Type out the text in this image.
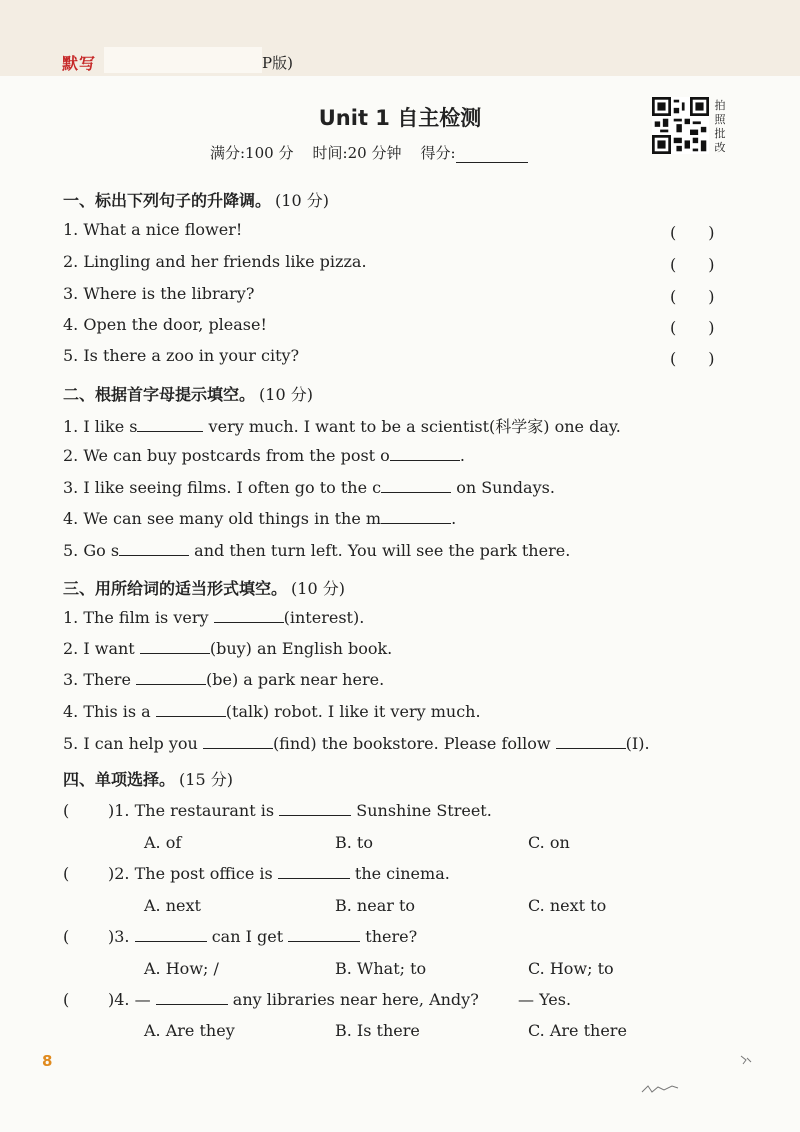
默写	P版)
Unit 1 自主检测
满分:100 分 时间:20 分钟 得分:
拍
照
批
改
一、标出下列句子的升降调。 (10 分)
1. What a nice flower!	(　　)
2. Lingling and her friends like pizza.	(　　)
3. Where is the library?	(　　)
4. Open the door, please!	(　　)
5. Is there a zoo in your city?	(　　)
二、根据首字母提示填空。 (10 分)
1. I like s	very much. I want to be a scientist(科学家) one day.
2. We can buy postcards from the post o	.
3. I like seeing films. I often go to the c	on Sundays.
4. We can see many old things in the m	.
5. Go s	and then turn left. You will see the park there.
三、用所给词的适当形式填空。 (10 分)
1. The film is very	(interest).
2. I want	(buy) an English book.
3. There	(be) a park near here.
4. This is a	(talk) robot. I like it very much.
5. I can help you	(find) the bookstore. Please follow	(I).
四、单项选择。 (15 分)
( )1. The restaurant is	Sunshine Street.
A. of	B. to	C. on
( )2. The post office is	the cinema.
A. next	B. near to	C. next to
( )3.	can I get	there?
A. How; /	B. What; to	C. How; to
( )4. —	any libraries near here, Andy? — Yes.
A. Are they	B. Is there	C. Are there
8
